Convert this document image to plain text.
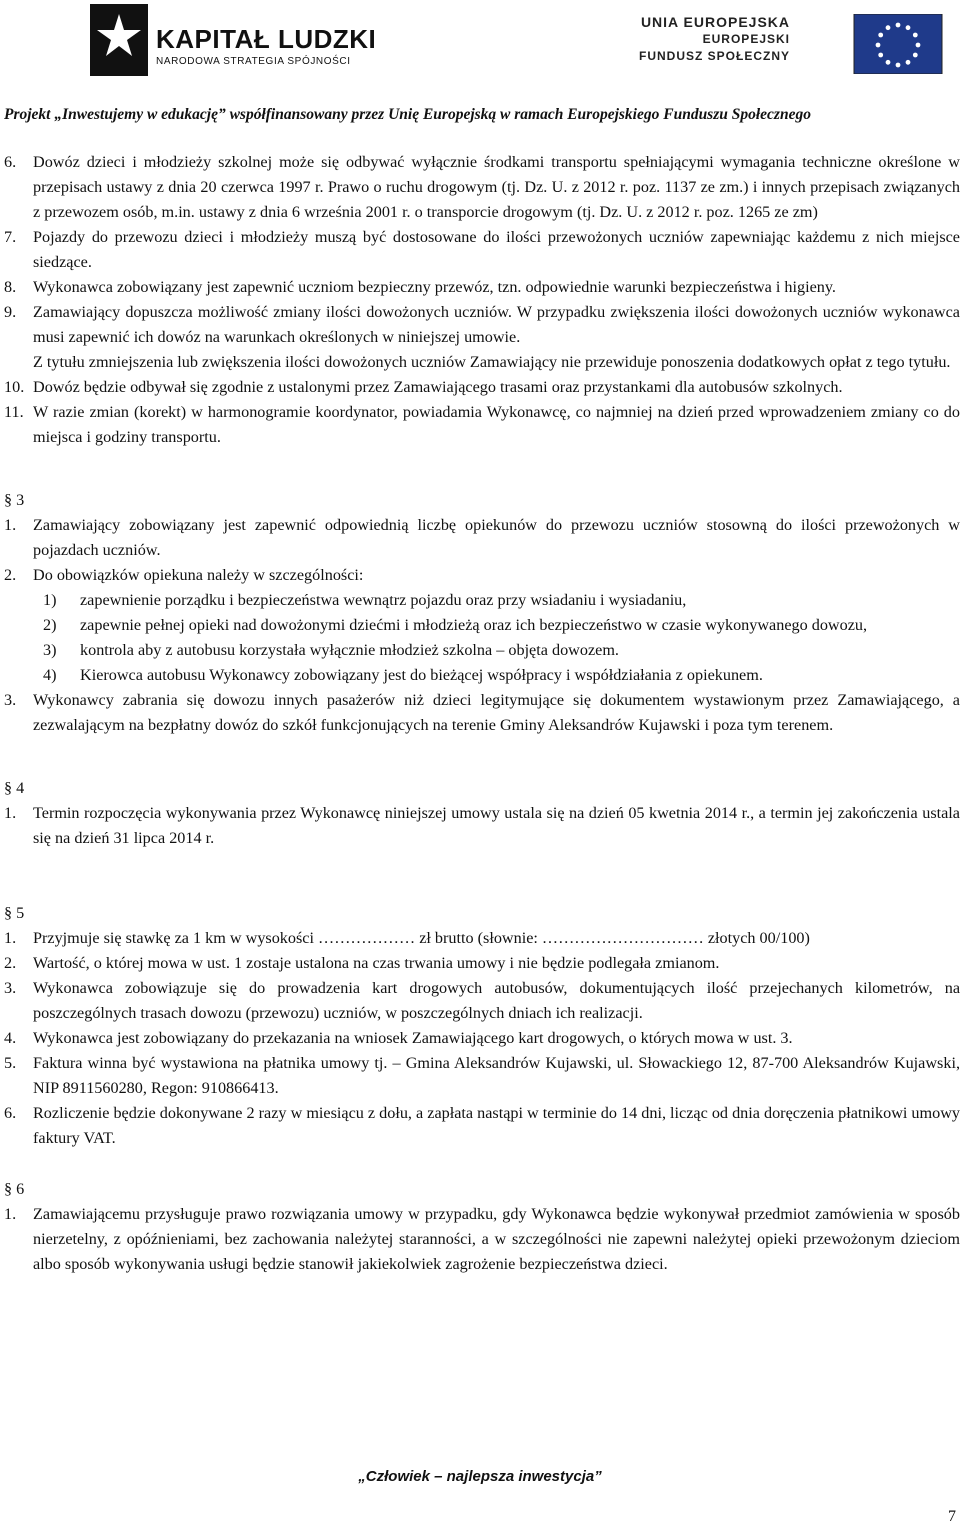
KAPITAŁ LUDZKI
NARODOWA STRATEGIA SPÓJNOŚCI
UNIA EUROPEJSKA
EUROPEJSKI
FUNDUSZ SPOŁECZNY
Projekt „Inwestujemy w edukację” współfinansowany przez Unię Europejską w ramach Europejskiego Funduszu Społecznego
6. Dowóz dzieci i młodzieży szkolnej może się odbywać wyłącznie środkami transportu spełniającymi wymagania techniczne określone w przepisach ustawy z dnia 20 czerwca 1997 r. Prawo o ruchu drogowym (tj. Dz. U. z 2012 r. poz. 1137 ze zm.) i innych przepisach związanych z przewozem osób, m.in. ustawy z dnia 6 września 2001 r. o transporcie drogowym (tj. Dz. U. z 2012 r. poz. 1265 ze zm)
7. Pojazdy do przewozu dzieci i młodzieży muszą być dostosowane do ilości przewożonych uczniów zapewniając każdemu z nich miejsce siedzące.
8. Wykonawca zobowiązany jest zapewnić uczniom bezpieczny przewóz, tzn. odpowiednie warunki bezpieczeństwa i higieny.
9. Zamawiający dopuszcza możliwość zmiany ilości dowożonych uczniów. W przypadku zwiększenia ilości dowożonych uczniów wykonawca musi zapewnić ich dowóz na warunkach określonych w niniejszej umowie.
Z tytułu zmniejszenia lub zwiększenia ilości dowożonych uczniów Zamawiający nie przewiduje ponoszenia dodatkowych opłat z tego tytułu.
10. Dowóz będzie odbywał się zgodnie z ustalonymi przez Zamawiającego trasami oraz przystankami dla autobusów szkolnych.
11. W razie zmian (korekt) w harmonogramie koordynator, powiadamia Wykonawcę, co najmniej na dzień przed wprowadzeniem zmiany co do miejsca i godziny transportu.
§ 3
1. Zamawiający zobowiązany jest zapewnić odpowiednią liczbę opiekunów do przewozu uczniów stosowną do ilości przewożonych w pojazdach uczniów.
2. Do obowiązków opiekuna należy w szczególności:
1) zapewnienie porządku i bezpieczeństwa wewnątrz pojazdu oraz przy wsiadaniu i wysiadaniu,
2) zapewnie pełnej opieki nad dowożonymi dziećmi i młodzieżą oraz ich bezpieczeństwo w czasie wykonywanego dowozu,
3) kontrola aby z autobusu korzystała wyłącznie młodzież szkolna – objęta dowozem.
4) Kierowca autobusu Wykonawcy zobowiązany jest do bieżącej współpracy i współdziałania z opiekunem.
3. Wykonawcy zabrania się dowozu innych pasażerów niż dzieci legitymujące się dokumentem wystawionym przez Zamawiającego, a zezwalającym na bezpłatny dowóz do szkół funkcjonujących na terenie Gminy Aleksandrów Kujawski i poza tym terenem.
§ 4
1. Termin rozpoczęcia wykonywania przez Wykonawcę niniejszej umowy ustala się na dzień 05 kwetnia 2014 r., a termin jej zakończenia ustala się na dzień 31 lipca 2014 r.
§ 5
1. Przyjmuje się stawkę za 1 km w wysokości ……………… zł brutto (słownie: ………………………… złotych 00/100)
2. Wartość, o której mowa w ust. 1 zostaje ustalona na czas trwania umowy i nie będzie podlegała zmianom.
3. Wykonawca zobowiązuje się do prowadzenia kart drogowych autobusów, dokumentujących ilość przejechanych kilometrów, na poszczególnych trasach dowozu (przewozu) uczniów, w poszczególnych dniach ich realizacji.
4. Wykonawca jest zobowiązany do przekazania na wniosek Zamawiającego kart drogowych, o których mowa w ust. 3.
5. Faktura winna być wystawiona na płatnika umowy tj. – Gmina Aleksandrów Kujawski, ul. Słowackiego 12, 87-700 Aleksandrów Kujawski, NIP 8911560280, Regon: 910866413.
6. Rozliczenie będzie dokonywane 2 razy w miesiącu z dołu, a zapłata nastąpi w terminie do 14 dni, licząc od dnia doręczenia płatnikowi umowy faktury VAT.
§ 6
1. Zamawiającemu przysługuje prawo rozwiązania umowy w przypadku, gdy Wykonawca będzie wykonywał przedmiot zamówienia w sposób nierzetelny, z opóźnieniami, bez zachowania należytej staranności, a w szczególności nie zapewni należytej opieki przewożonym dzieciom albo sposób wykonywania usługi będzie stanowił jakiekolwiek zagrożenie bezpieczeństwa dzieci.
„Człowiek – najlepsza inwestycja”
7
